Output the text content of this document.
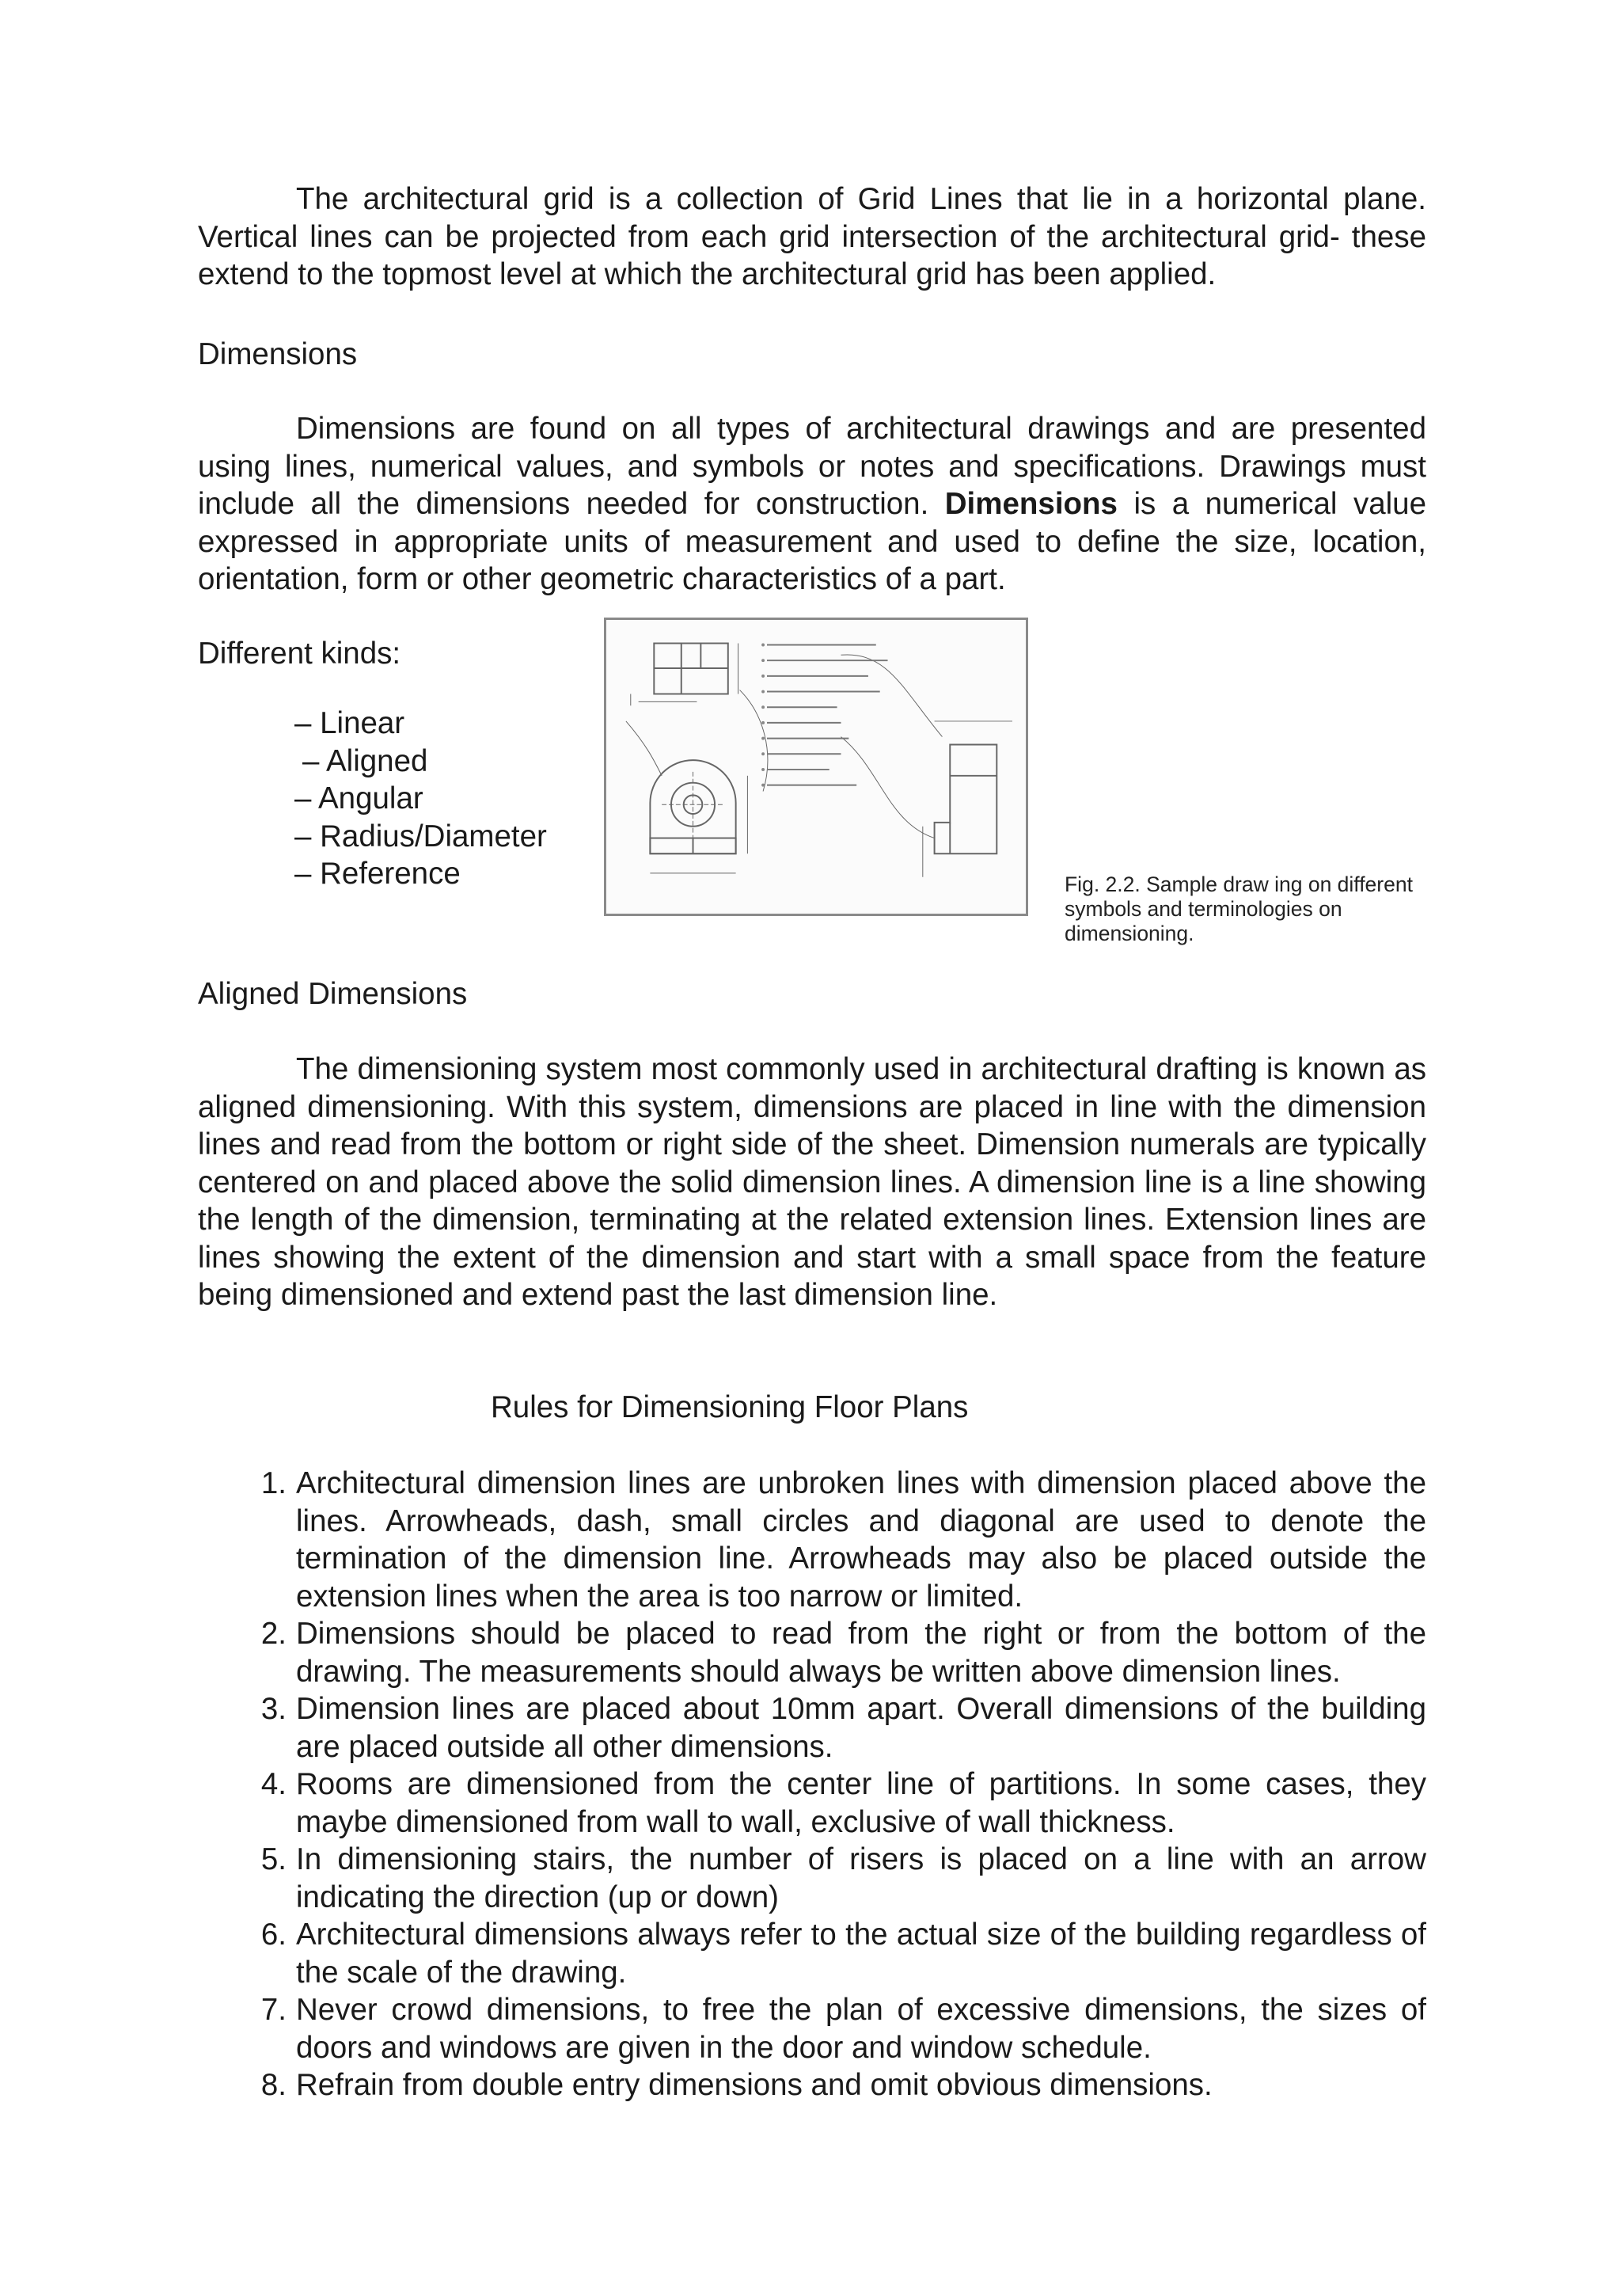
The architectural grid is a collection of Grid Lines that lie in a horizontal plane. Vertical lines can be projected from each grid intersection of the architectural grid- these extend to the topmost level at which the architectural grid has been applied.

Dimensions

Dimensions are found on all types of architectural drawings and are presented using lines, numerical values, and symbols or notes and specifications. Drawings must include all the dimensions needed for construction. Dimensions is a numerical value expressed in appropriate units of measurement and used to define the size, location, orientation, form or other geometric characteristics of a part.

Different kinds:

– Linear
– Aligned
– Angular
– Radius/Diameter
– Reference	Fig. 2.2. Sample draw ing on different symbols and terminologies on dimensioning.

Aligned Dimensions

The dimensioning system most commonly used in architectural drafting is known as aligned dimensioning. With this system, dimensions are placed in line with the dimension lines and read from the bottom or right side of the sheet. Dimension numerals are typically centered on and placed above the solid dimension lines. A dimension line is a line showing the length of the dimension, terminating at the related extension lines. Extension lines are lines showing the extent of the dimension and start with a small space from the feature being dimensioned and extend past the last dimension line.

Rules for Dimensioning Floor Plans

1. Architectural dimension lines are unbroken lines with dimension placed above the lines. Arrowheads, dash, small circles and diagonal are used to denote the termination of the dimension line. Arrowheads may also be placed outside the extension lines when the area is too narrow or limited.
2. Dimensions should be placed to read from the right or from the bottom of the drawing. The measurements should always be written above dimension lines.
3. Dimension lines are placed about 10mm apart. Overall dimensions of the building are placed outside all other dimensions.
4. Rooms are dimensioned from the center line of partitions. In some cases, they maybe dimensioned from wall to wall, exclusive of wall thickness.
5. In dimensioning stairs, the number of risers is placed on a line with an arrow indicating the direction (up or down)
6. Architectural dimensions always refer to the actual size of the building regardless of the scale of the drawing.
7. Never crowd dimensions, to free the plan of excessive dimensions, the sizes of doors and windows are given in the door and window schedule.
8. Refrain from double entry dimensions and omit obvious dimensions.
